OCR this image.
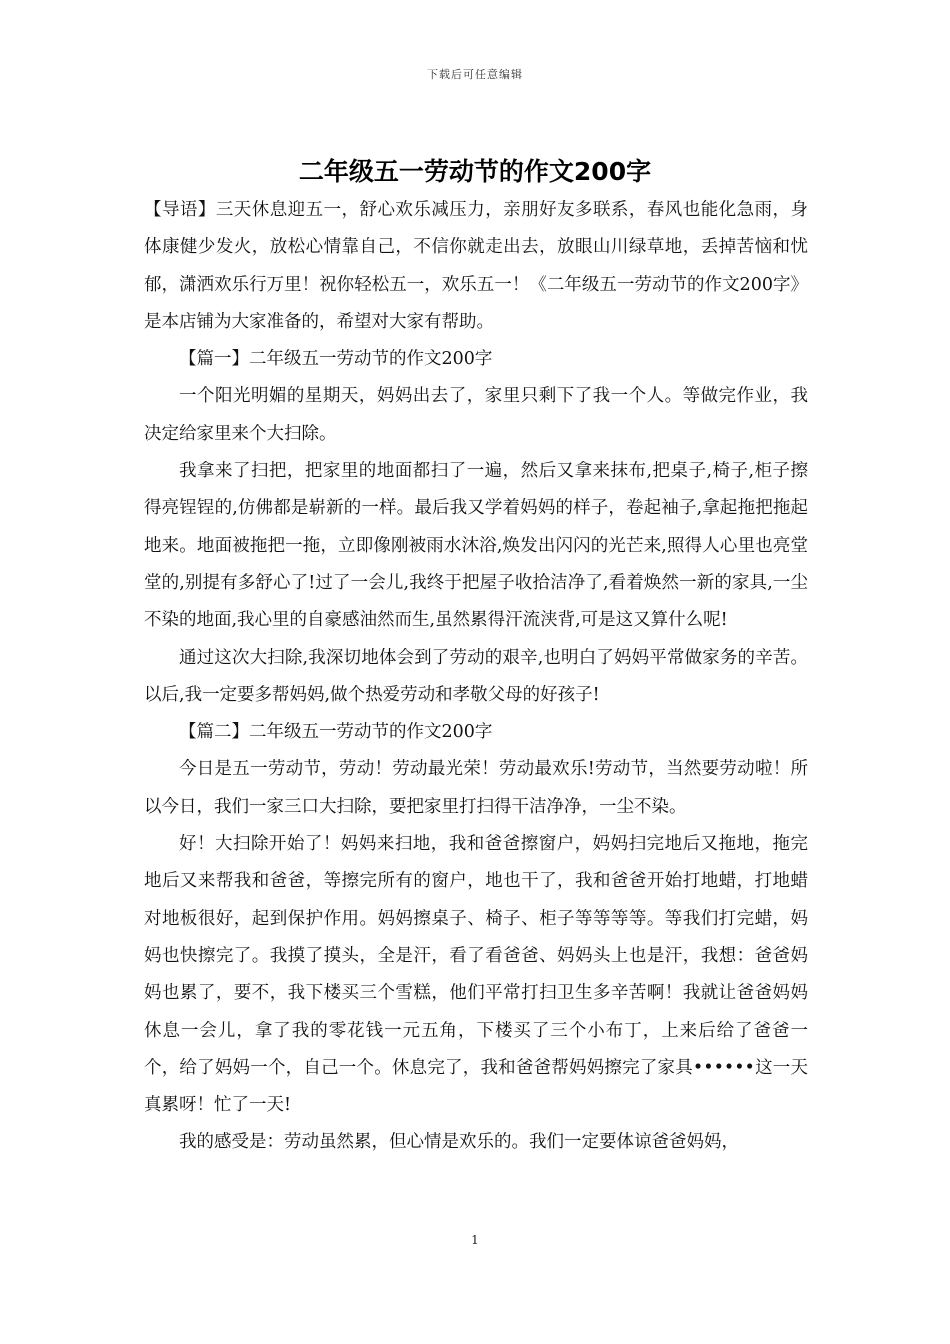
下载后可任意编辑
二年级五一劳动节的作文200字

【导语】三天休息迎五一，舒心欢乐减压力，亲朋好友多联系，春风也能化急雨，身体康健少发火，放松心情靠自己，不信你就走出去，放眼山川绿草地，丢掉苦恼和忧郁，潇洒欢乐行万里！祝你轻松五一，欢乐五一！《二年级五一劳动节的作文200字》是本店铺为大家准备的，希望对大家有帮助。

【篇一】二年级五一劳动节的作文200字

一个阳光明媚的星期天，妈妈出去了，家里只剩下了我一个人。等做完作业，我决定给家里来个大扫除。

我拿来了扫把，把家里的地面都扫了一遍，然后又拿来抹布,把桌子,椅子,柜子擦得亮锃锃的,仿佛都是崭新的一样。最后我又学着妈妈的样子，卷起袖子,拿起拖把拖起地来。地面被拖把一拖，立即像刚被雨水沐浴,焕发出闪闪的光芒来,照得人心里也亮堂堂的,别提有多舒心了!过了一会儿,我终于把屋子收拾洁净了,看着焕然一新的家具,一尘不染的地面,我心里的自豪感油然而生,虽然累得汗流浃背,可是这又算什么呢!

通过这次大扫除,我深切地体会到了劳动的艰辛,也明白了妈妈平常做家务的辛苦。以后,我一定要多帮妈妈,做个热爱劳动和孝敬父母的好孩子!

【篇二】二年级五一劳动节的作文200字

今日是五一劳动节，劳动！劳动最光荣！劳动最欢乐!劳动节，当然要劳动啦！所以今日，我们一家三口大扫除，要把家里打扫得干洁净净，一尘不染。

好！大扫除开始了！妈妈来扫地，我和爸爸擦窗户，妈妈扫完地后又拖地，拖完地后又来帮我和爸爸，等擦完所有的窗户，地也干了，我和爸爸开始打地蜡，打地蜡对地板很好，起到保护作用。妈妈擦桌子、椅子、柜子等等等等。等我们打完蜡，妈妈也快擦完了。我摸了摸头，全是汗，看了看爸爸、妈妈头上也是汗，我想：爸爸妈妈也累了，要不，我下楼买三个雪糕，他们平常打扫卫生多辛苦啊！我就让爸爸妈妈休息一会儿，拿了我的零花钱一元五角，下楼买了三个小布丁，上来后给了爸爸一个，给了妈妈一个，自己一个。休息完了，我和爸爸帮妈妈擦完了家具••••••这一天真累呀！忙了一天!

我的感受是：劳动虽然累，但心情是欢乐的。我们一定要体谅爸爸妈妈，

1
